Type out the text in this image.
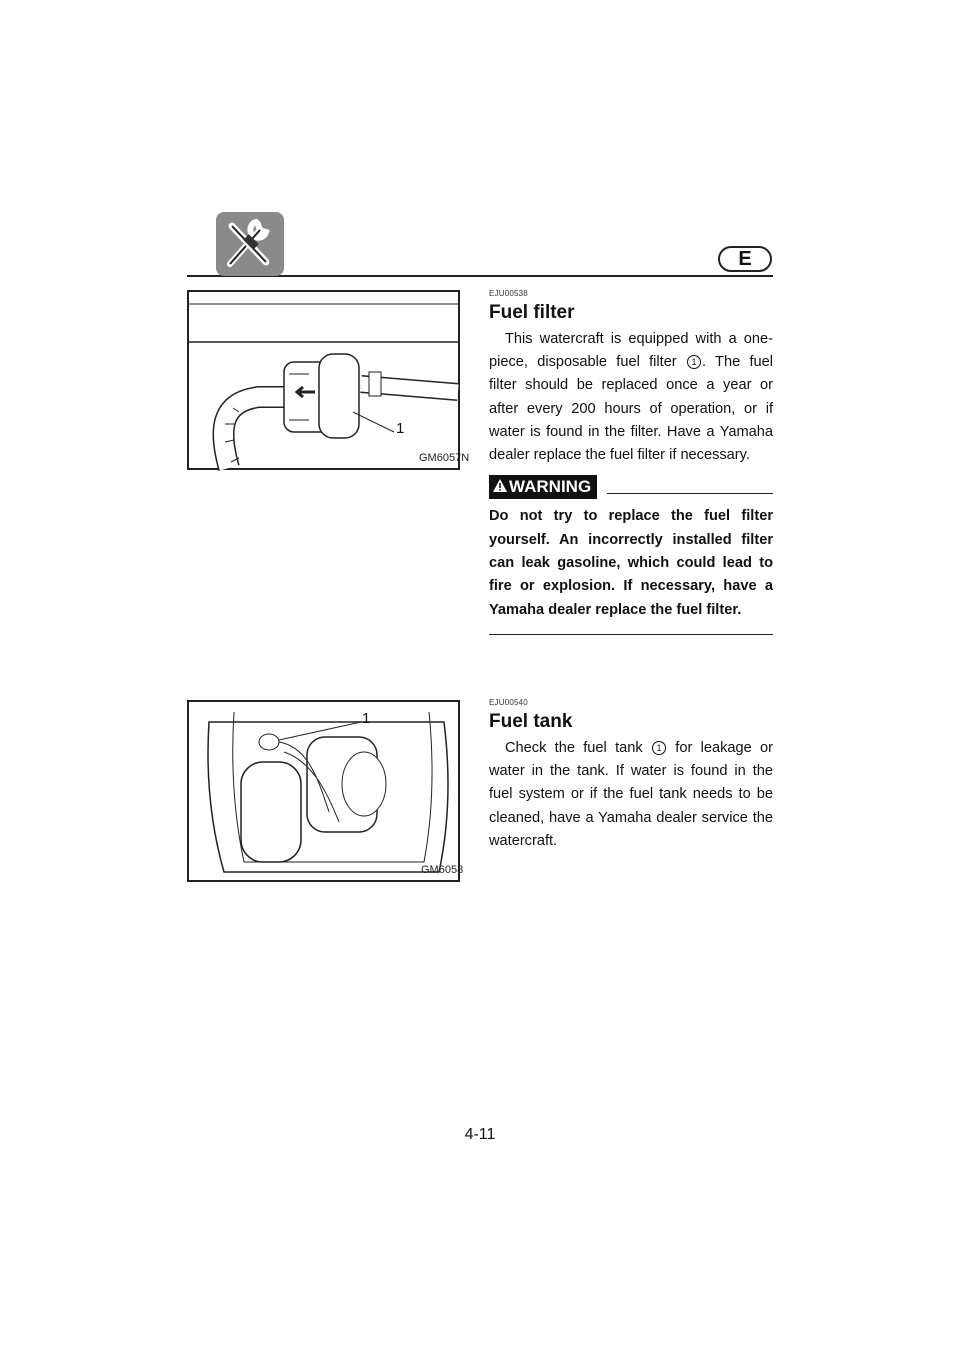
E
1
GM6057N
1
GM6058
EJU00538
Fuel filter

This watercraft is equipped with a one-piece, disposable fuel filter 1 . The fuel filter should be replaced once a year or after every 200 hours of operation, or if water is found in the filter. Have a Yamaha dealer replace the fuel filter if necessary.

WARNING

Do not try to replace the fuel filter yourself. An incorrectly installed filter can leak gasoline, which could lead to fire or explosion. If necessary, have a Yamaha dealer replace the fuel filter.

EJU00540
Fuel tank

Check the fuel tank 1 for leakage or water in the tank. If water is found in the fuel system or if the fuel tank needs to be cleaned, have a Yamaha dealer service the watercraft.

4-11
